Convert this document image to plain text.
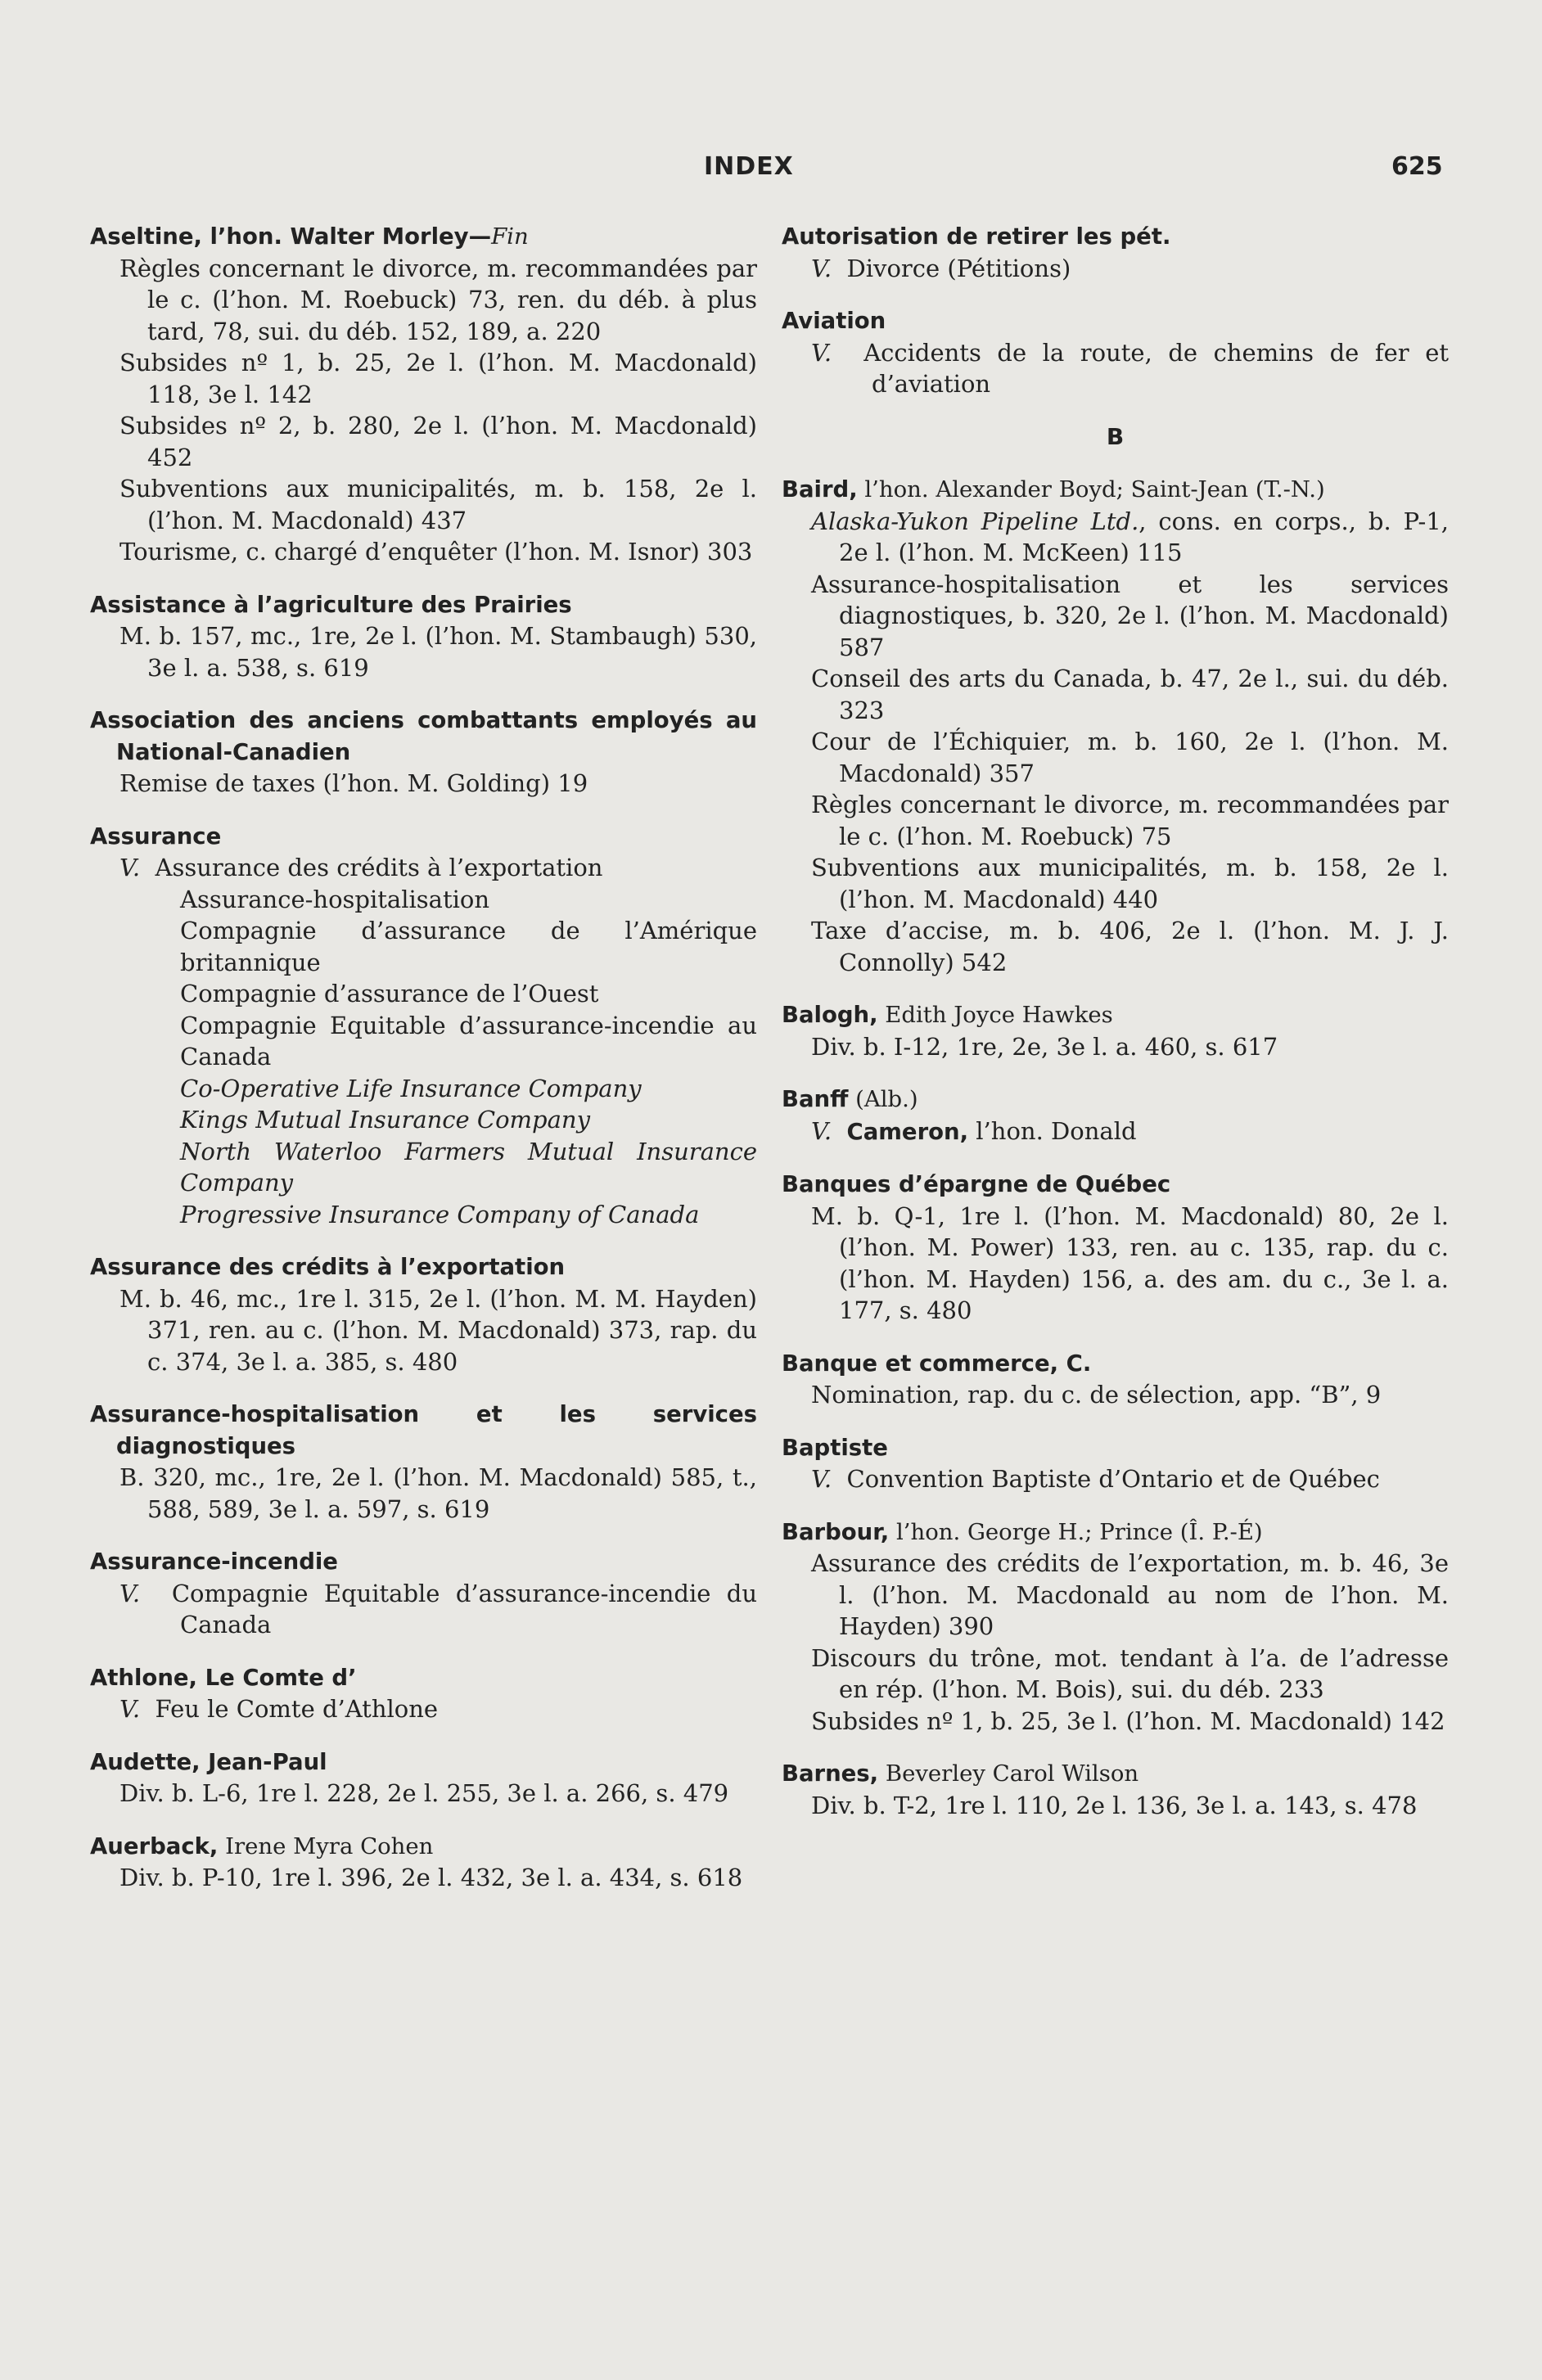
INDEX	625
Aseltine, l’hon. Walter Morley—Fin
Règles concernant le divorce, m. recommandées par le c. (l’hon. M. Roebuck) 73, ren. du déb. à plus tard, 78, sui. du déb. 152, 189, a. 220
Subsides nº 1, b. 25, 2e l. (l’hon. M. Macdonald) 118, 3e l. 142
Subsides nº 2, b. 280, 2e l. (l’hon. M. Macdonald) 452
Subventions aux municipalités, m. b. 158, 2e l. (l’hon. M. Macdonald) 437
Tourisme, c. chargé d’enquêter (l’hon. M. Isnor) 303
Assistance à l’agriculture des Prairies
M. b. 157, mc., 1re, 2e l. (l’hon. M. Stambaugh) 530, 3e l. a. 538, s. 619
Association des anciens combattants employés au National-Canadien
Remise de taxes (l’hon. M. Golding) 19
Assurance
V. Assurance des crédits à l’exportation
Assurance-hospitalisation
Compagnie d’assurance de l’Amérique britannique
Compagnie d’assurance de l’Ouest
Compagnie Equitable d’assurance-incendie au Canada
Co-Operative Life Insurance Company
Kings Mutual Insurance Company
North Waterloo Farmers Mutual Insurance Company
Progressive Insurance Company of Canada
Assurance des crédits à l’exportation
M. b. 46, mc., 1re l. 315, 2e l. (l’hon. M. M. Hayden) 371, ren. au c. (l’hon. M. Macdonald) 373, rap. du c. 374, 3e l. a. 385, s. 480
Assurance-hospitalisation et les services diagnostiques
B. 320, mc., 1re, 2e l. (l’hon. M. Macdonald) 585, t., 588, 589, 3e l. a. 597, s. 619
Assurance-incendie
V. Compagnie Equitable d’assurance-incendie du Canada
Athlone, Le Comte d’
V. Feu le Comte d’Athlone
Audette, Jean-Paul
Div. b. L-6, 1re l. 228, 2e l. 255, 3e l. a. 266, s. 479
Auerback, Irene Myra Cohen
Div. b. P-10, 1re l. 396, 2e l. 432, 3e l. a. 434, s. 618
Autorisation de retirer les pét.
V. Divorce (Pétitions)
Aviation
V. Accidents de la route, de chemins de fer et d’aviation
B
Baird, l’hon. Alexander Boyd; Saint-Jean (T.-N.)
Alaska-Yukon Pipeline Ltd., cons. en corps., b. P-1, 2e l. (l’hon. M. McKeen) 115
Assurance-hospitalisation et les services diagnostiques, b. 320, 2e l. (l’hon. M. Macdonald) 587
Conseil des arts du Canada, b. 47, 2e l., sui. du déb. 323
Cour de l’Échiquier, m. b. 160, 2e l. (l’hon. M. Macdonald) 357
Règles concernant le divorce, m. recommandées par le c. (l’hon. M. Roebuck) 75
Subventions aux municipalités, m. b. 158, 2e l. (l’hon. M. Macdonald) 440
Taxe d’accise, m. b. 406, 2e l. (l’hon. M. J. J. Connolly) 542
Balogh, Edith Joyce Hawkes
Div. b. I-12, 1re, 2e, 3e l. a. 460, s. 617
Banff (Alb.)
V. Cameron, l’hon. Donald
Banques d’épargne de Québec
M. b. Q-1, 1re l. (l’hon. M. Macdonald) 80, 2e l. (l’hon. M. Power) 133, ren. au c. 135, rap. du c. (l’hon. M. Hayden) 156, a. des am. du c., 3e l. a. 177, s. 480
Banque et commerce, C.
Nomination, rap. du c. de sélection, app. “B”, 9
Baptiste
V. Convention Baptiste d’Ontario et de Québec
Barbour, l’hon. George H.; Prince (Î. P.-É)
Assurance des crédits de l’exportation, m. b. 46, 3e l. (l’hon. M. Macdonald au nom de l’hon. M. Hayden) 390
Discours du trône, mot. tendant à l’a. de l’adresse en rép. (l’hon. M. Bois), sui. du déb. 233
Subsides nº 1, b. 25, 3e l. (l’hon. M. Macdonald) 142
Barnes, Beverley Carol Wilson
Div. b. T-2, 1re l. 110, 2e l. 136, 3e l. a. 143, s. 478
